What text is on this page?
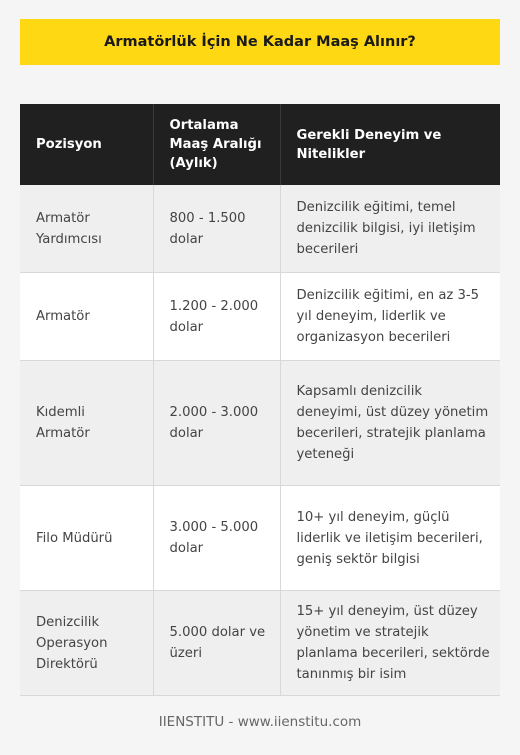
Armatörlük İçin Ne Kadar Maaş Alınır?
Pozisyon	Ortalama Maaş Aralığı (Aylık)	Gerekli Deneyim ve Nitelikler
Armatör Yardımcısı	800 - 1.500 dolar	Denizcilik eğitimi, temel denizcilik bilgisi, iyi iletişim becerileri
Armatör	1.200 - 2.000 dolar	Denizcilik eğitimi, en az 3-5 yıl deneyim, liderlik ve organizasyon becerileri
Kıdemli Armatör	2.000 - 3.000 dolar	Kapsamlı denizcilik deneyimi, üst düzey yönetim becerileri, stratejik planlama yeteneği
Filo Müdürü	3.000 - 5.000 dolar	10+ yıl deneyim, güçlü liderlik ve iletişim becerileri, geniş sektör bilgisi
Denizcilik Operasyon Direktörü	5.000 dolar ve üzeri	15+ yıl deneyim, üst düzey yönetim ve stratejik planlama becerileri, sektörde tanınmış bir isim
IIENSTITU - www.iienstitu.com
